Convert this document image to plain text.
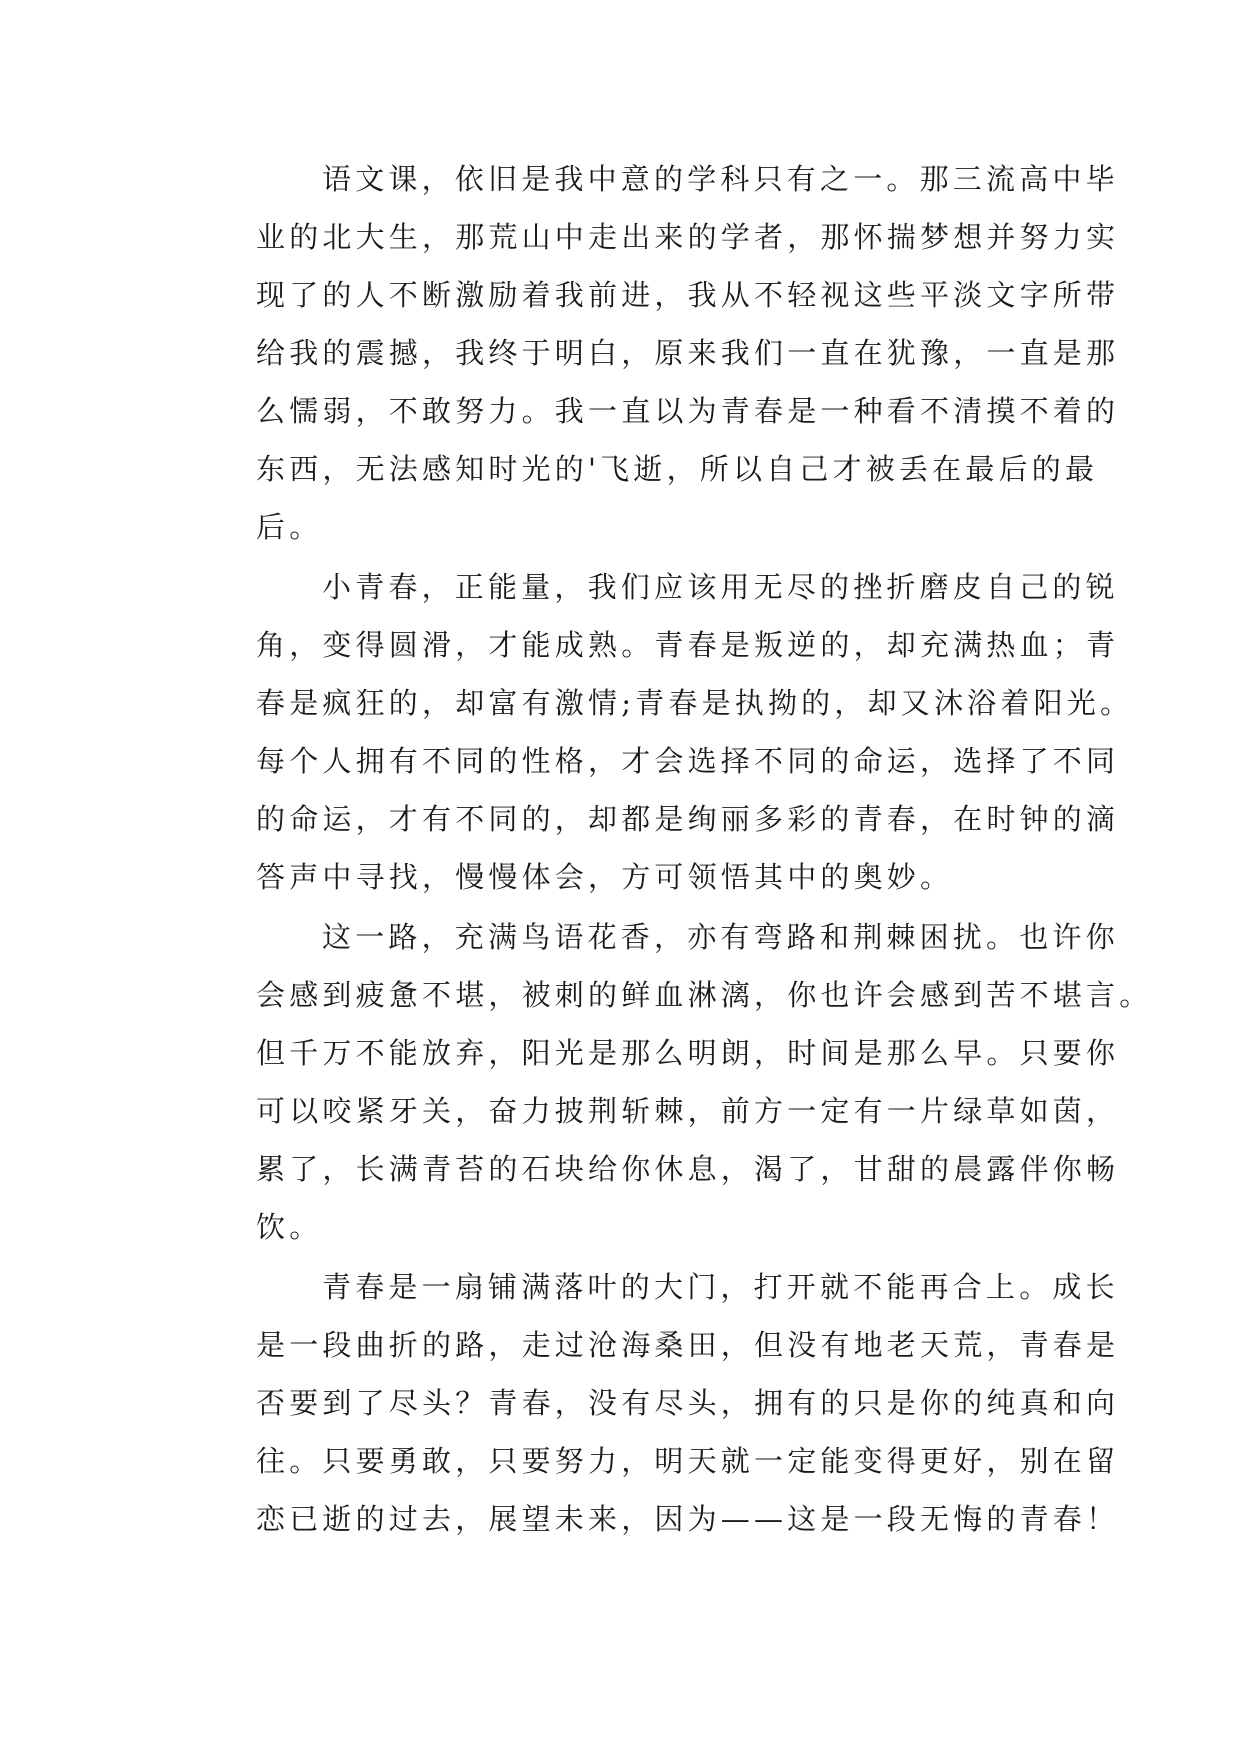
语文课，依旧是我中意的学科只有之一。那三流高中毕
业的北大生，那荒山中走出来的学者，那怀揣梦想并努力实
现了的人不断激励着我前进，我从不轻视这些平淡文字所带
给我的震撼，我终于明白，原来我们一直在犹豫，一直是那
么懦弱，不敢努力。我一直以为青春是一种看不清摸不着的
东西，无法感知时光的'飞逝，所以自己才被丢在最后的最
后。
小青春，正能量，我们应该用无尽的挫折磨皮自己的锐
角，变得圆滑，才能成熟。青春是叛逆的，却充满热血；青
春是疯狂的，却富有激情;青春是执拗的，却又沐浴着阳光。
每个人拥有不同的性格，才会选择不同的命运，选择了不同
的命运，才有不同的，却都是绚丽多彩的青春，在时钟的滴
答声中寻找，慢慢体会，方可领悟其中的奥妙。
这一路，充满鸟语花香，亦有弯路和荆棘困扰。也许你
会感到疲惫不堪，被刺的鲜血淋漓，你也许会感到苦不堪言。
但千万不能放弃，阳光是那么明朗，时间是那么早。只要你
可以咬紧牙关，奋力披荆斩棘，前方一定有一片绿草如茵，
累了，长满青苔的石块给你休息，渴了，甘甜的晨露伴你畅
饮。
青春是一扇铺满落叶的大门，打开就不能再合上。成长
是一段曲折的路，走过沧海桑田，但没有地老天荒，青春是
否要到了尽头？青春，没有尽头，拥有的只是你的纯真和向
往。只要勇敢，只要努力，明天就一定能变得更好，别在留
恋已逝的过去，展望未来，因为——这是一段无悔的青春！
